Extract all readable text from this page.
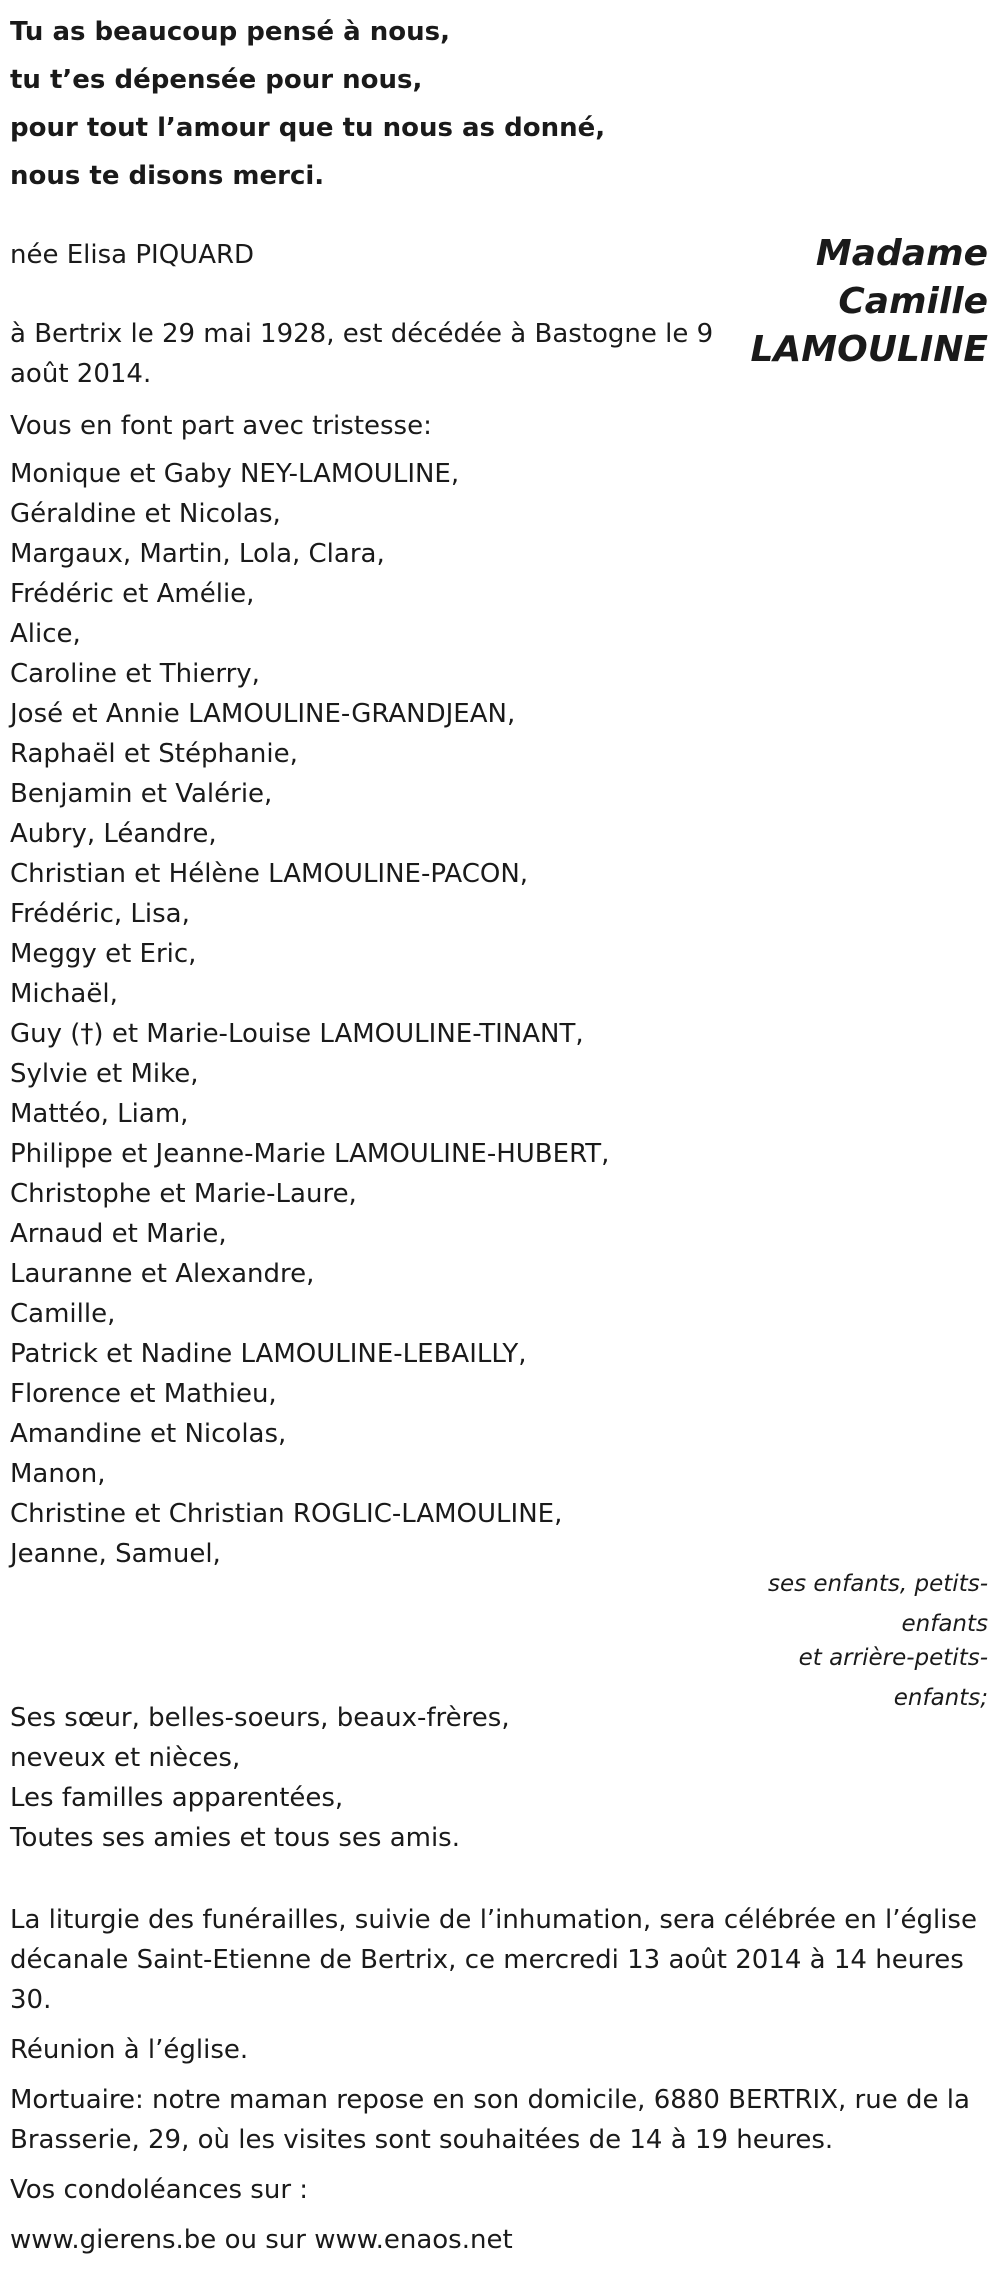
Tu as beaucoup pensé à nous,
tu t’es dépensée pour nous,
pour tout l’amour que tu nous as donné,
nous te disons merci.
née Elisa PIQUARD	Madame
Camille
LAMOULINE
à Bertrix le 29 mai 1928, est décédée à Bastogne le 9 août 2014.
Vous en font part avec tristesse:
Monique et Gaby NEY-LAMOULINE,
Géraldine et Nicolas,
Margaux, Martin, Lola, Clara,
Frédéric et Amélie,
Alice,
Caroline et Thierry,
José et Annie LAMOULINE-GRANDJEAN,
Raphaël et Stéphanie,
Benjamin et Valérie,
Aubry, Léandre,
Christian et Hélène LAMOULINE-PACON,
Frédéric, Lisa,
Meggy et Eric,
Michaël,
Guy (†) et Marie-Louise LAMOULINE-TINANT,
Sylvie et Mike,
Mattéo, Liam,
Philippe et Jeanne-Marie LAMOULINE-HUBERT,
Christophe et Marie-Laure,
Arnaud et Marie,
Lauranne et Alexandre,
Camille,
Patrick et Nadine LAMOULINE-LEBAILLY,
Florence et Mathieu,
Amandine et Nicolas,
Manon,
Christine et Christian ROGLIC-LAMOULINE,
Jeanne, Samuel,
ses enfants, petits-
enfants
et arrière-petits-
enfants;
Ses sœur, belles-soeurs, beaux-frères,
neveux et nièces,
Les familles apparentées,
Toutes ses amies et tous ses amis.

La liturgie des funérailles, suivie de l’inhumation, sera célébrée en l’église décanale Saint-Etienne de Bertrix, ce mercredi 13 août 2014 à 14 heures 30.

Réunion à l’église.

Mortuaire: notre maman repose en son domicile, 6880 BERTRIX, rue de la Brasserie, 29, où les visites sont souhaitées de 14 à 19 heures.

Vos condoléances sur :

www.gierens.be ou sur www.enaos.net
